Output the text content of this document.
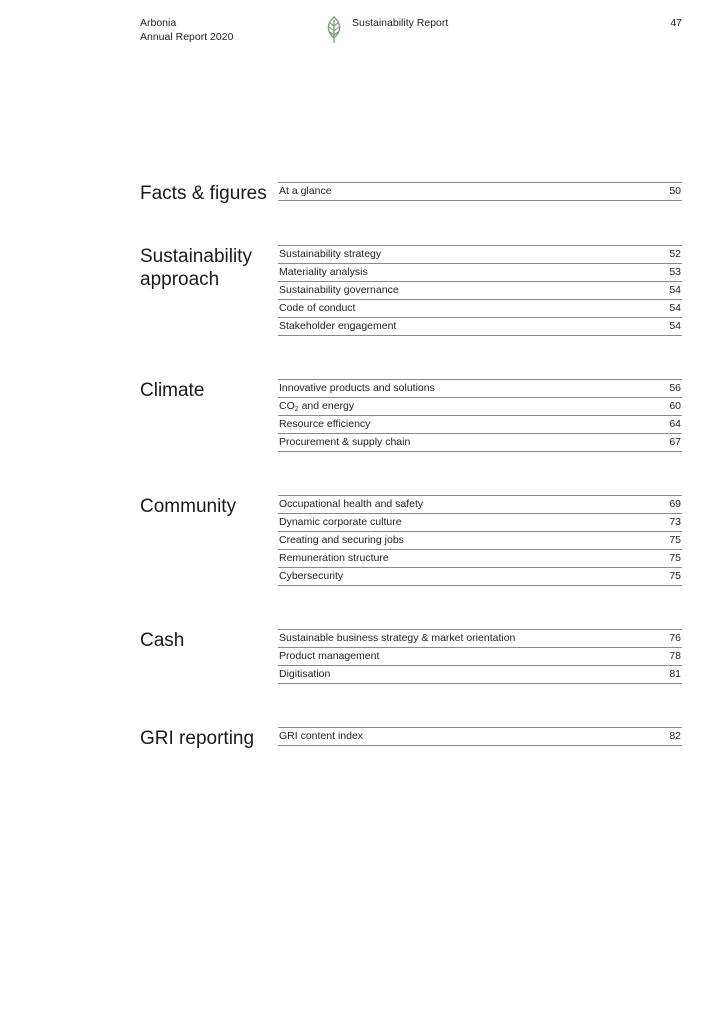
Arbonia
Annual Report 2020
Sustainability Report	47
Facts & figures	At a glance	50
Sustainability approach
Sustainability strategy	52
Materiality analysis	53
Sustainability governance	54
Code of conduct	54
Stakeholder engagement	54
Climate	Innovative products and solutions	56
$CO_2$ and energy	60
Resource efficiency	64
Procurement & supply chain	67
Community	Occupational health and safety	69
Dynamic corporate culture	73
Creating and securing jobs	75
Remuneration structure	75
Cybersecurity	75
Cash	Sustainable business strategy & market orientation	76
Product management	78
Digitisation	81
GRI reporting	GRI content index	82
